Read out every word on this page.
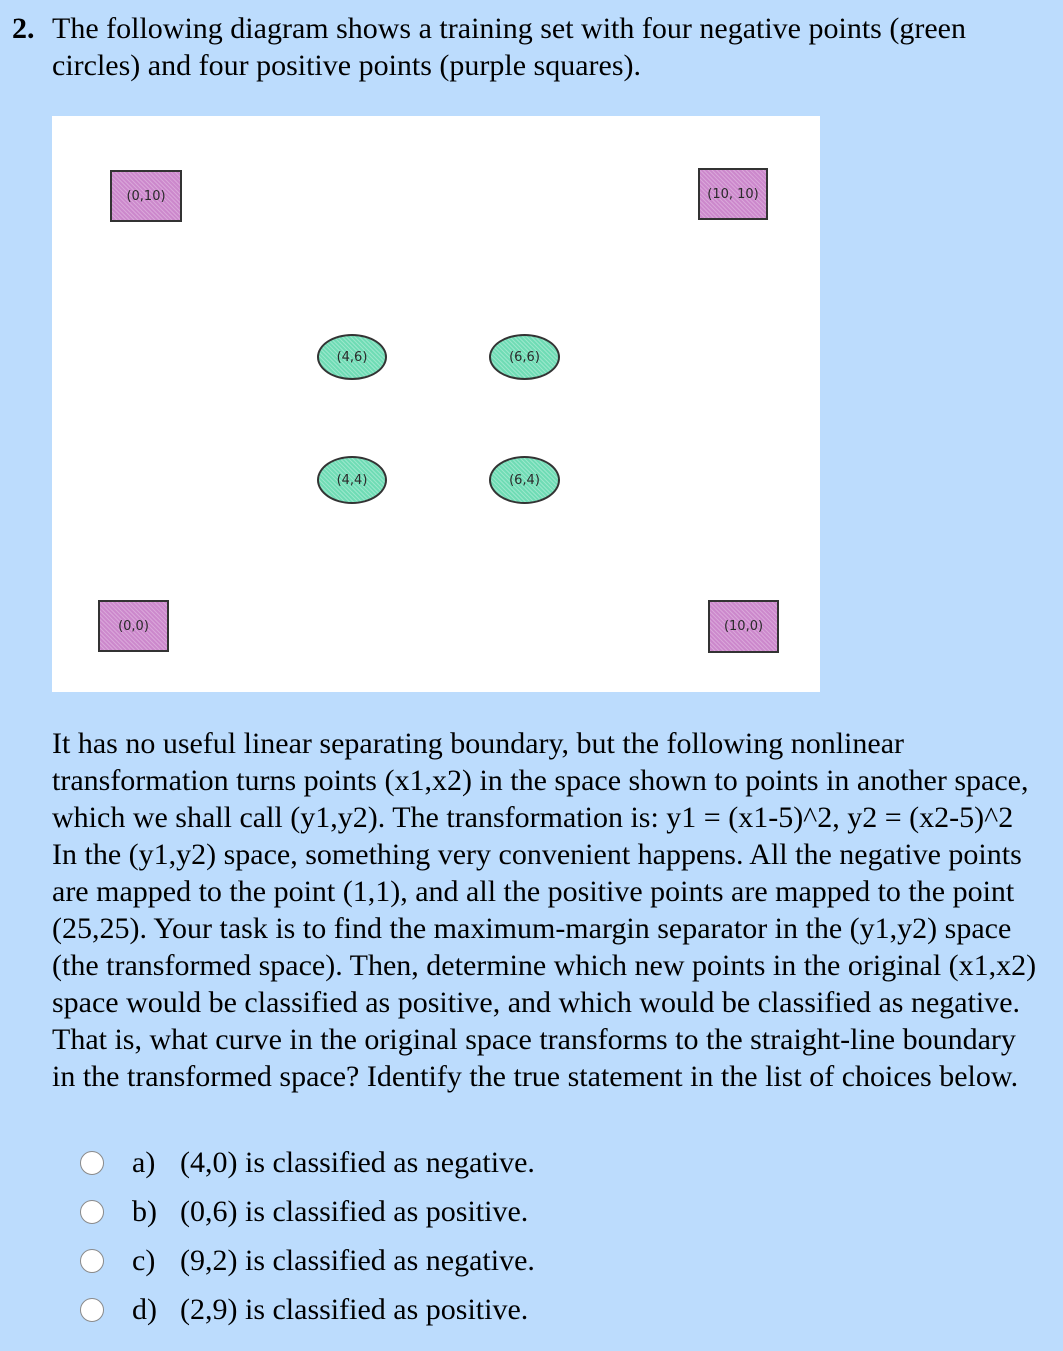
2. The following diagram shows a training set with four negative points (green
circles) and four positive points (purple squares).
(0,10)	(10, 10)
(0,0)	(10,0)
(4,6)	(6,6)
(4,4)	(6,4)
It has no useful linear separating boundary, but the following nonlinear transformation turns points (x1,x2) in the space shown to points in another space, which we shall call (y1,y2). The transformation is: y1 = (x1-5)^2, y2 = (x2-5)^2 In the (y1,y2) space, something very convenient happens. All the negative points are mapped to the point (1,1), and all the positive points are mapped to the point (25,25). Your task is to find the maximum-margin separator in the (y1,y2) space (the transformed space). Then, determine which new points in the original (x1,x2) space would be classified as positive, and which would be classified as negative. That is, what curve in the original space transforms to the straight-line boundary in the transformed space? Identify the true statement in the list of choices below.
a) (4,0) is classified as negative.
b) (0,6) is classified as positive.
c) (9,2) is classified as negative.
d) (2,9) is classified as positive.
